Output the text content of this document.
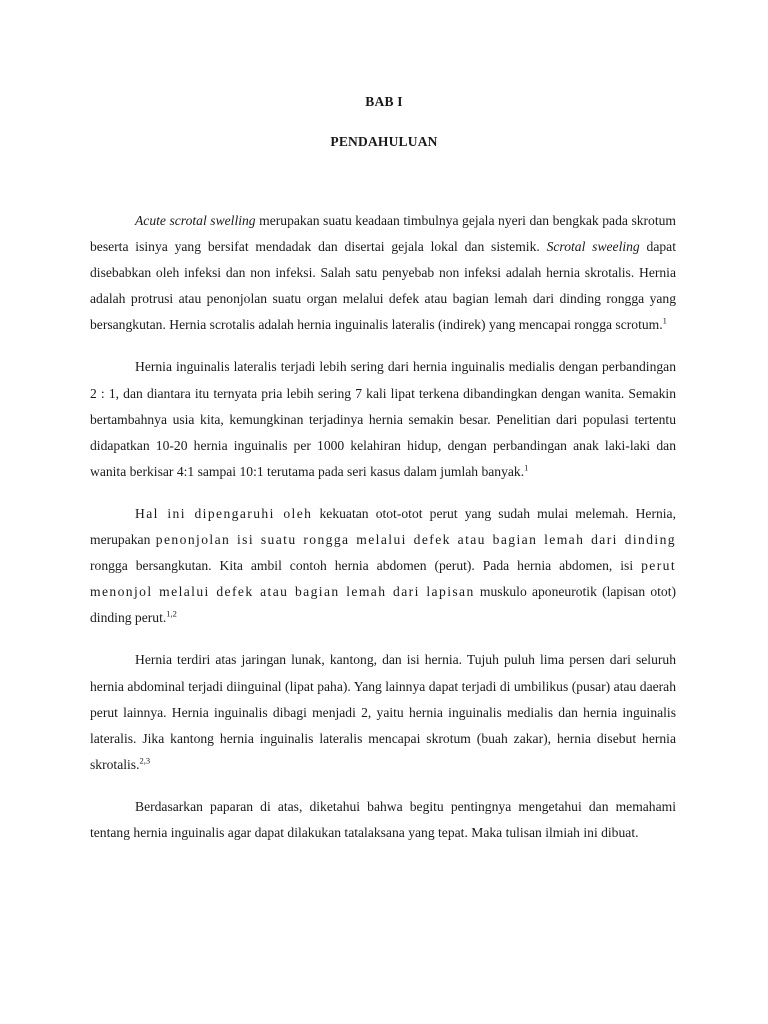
BAB I
PENDAHULUAN

Acute scrotal swelling merupakan suatu keadaan timbulnya gejala nyeri dan bengkak pada skrotum beserta isinya yang bersifat mendadak dan disertai gejala lokal dan sistemik. Scrotal sweeling dapat disebabkan oleh infeksi dan non infeksi. Salah satu penyebab non infeksi adalah hernia skrotalis. Hernia adalah protrusi atau penonjolan suatu organ melalui defek atau bagian lemah dari dinding rongga yang bersangkutan. Hernia scrotalis adalah hernia inguinalis lateralis (indirek) yang mencapai rongga scrotum.$^1$

Hernia inguinalis lateralis terjadi lebih sering dari hernia inguinalis medialis dengan perbandingan 2 : 1, dan diantara itu ternyata pria lebih sering 7 kali lipat terkena dibandingkan dengan wanita. Semakin bertambahnya usia kita, kemungkinan terjadinya hernia semakin besar. Penelitian dari populasi tertentu didapatkan 10-20 hernia inguinalis per 1000 kelahiran hidup, dengan perbandingan anak laki-laki dan wanita berkisar 4:1 sampai 10:1 terutama pada seri kasus dalam jumlah banyak.$^1$

Hal ini dipengaruhi oleh kekuatan otot-otot perut yang sudah mulai melemah. Hernia, merupakan penonjolan isi suatu rongga melalui defek atau bagian lemah dari dinding rongga bersangkutan. Kita ambil contoh hernia abdomen (perut). Pada hernia abdomen, isi perut menonjol melalui defek atau bagian lemah dari lapisan muskulo aponeurotik (lapisan otot) dinding perut.$^{1,2}$

Hernia terdiri atas jaringan lunak, kantong, dan isi hernia. Tujuh puluh lima persen dari seluruh hernia abdominal terjadi diinguinal (lipat paha). Yang lainnya dapat terjadi di umbilikus (pusar) atau daerah perut lainnya. Hernia inguinalis dibagi menjadi 2, yaitu hernia inguinalis medialis dan hernia inguinalis lateralis. Jika kantong hernia inguinalis lateralis mencapai skrotum (buah zakar), hernia disebut hernia skrotalis.$^{2,3}$

Berdasarkan paparan di atas, diketahui bahwa begitu pentingnya mengetahui dan memahami tentang hernia inguinalis agar dapat dilakukan tatalaksana yang tepat. Maka tulisan ilmiah ini dibuat.
